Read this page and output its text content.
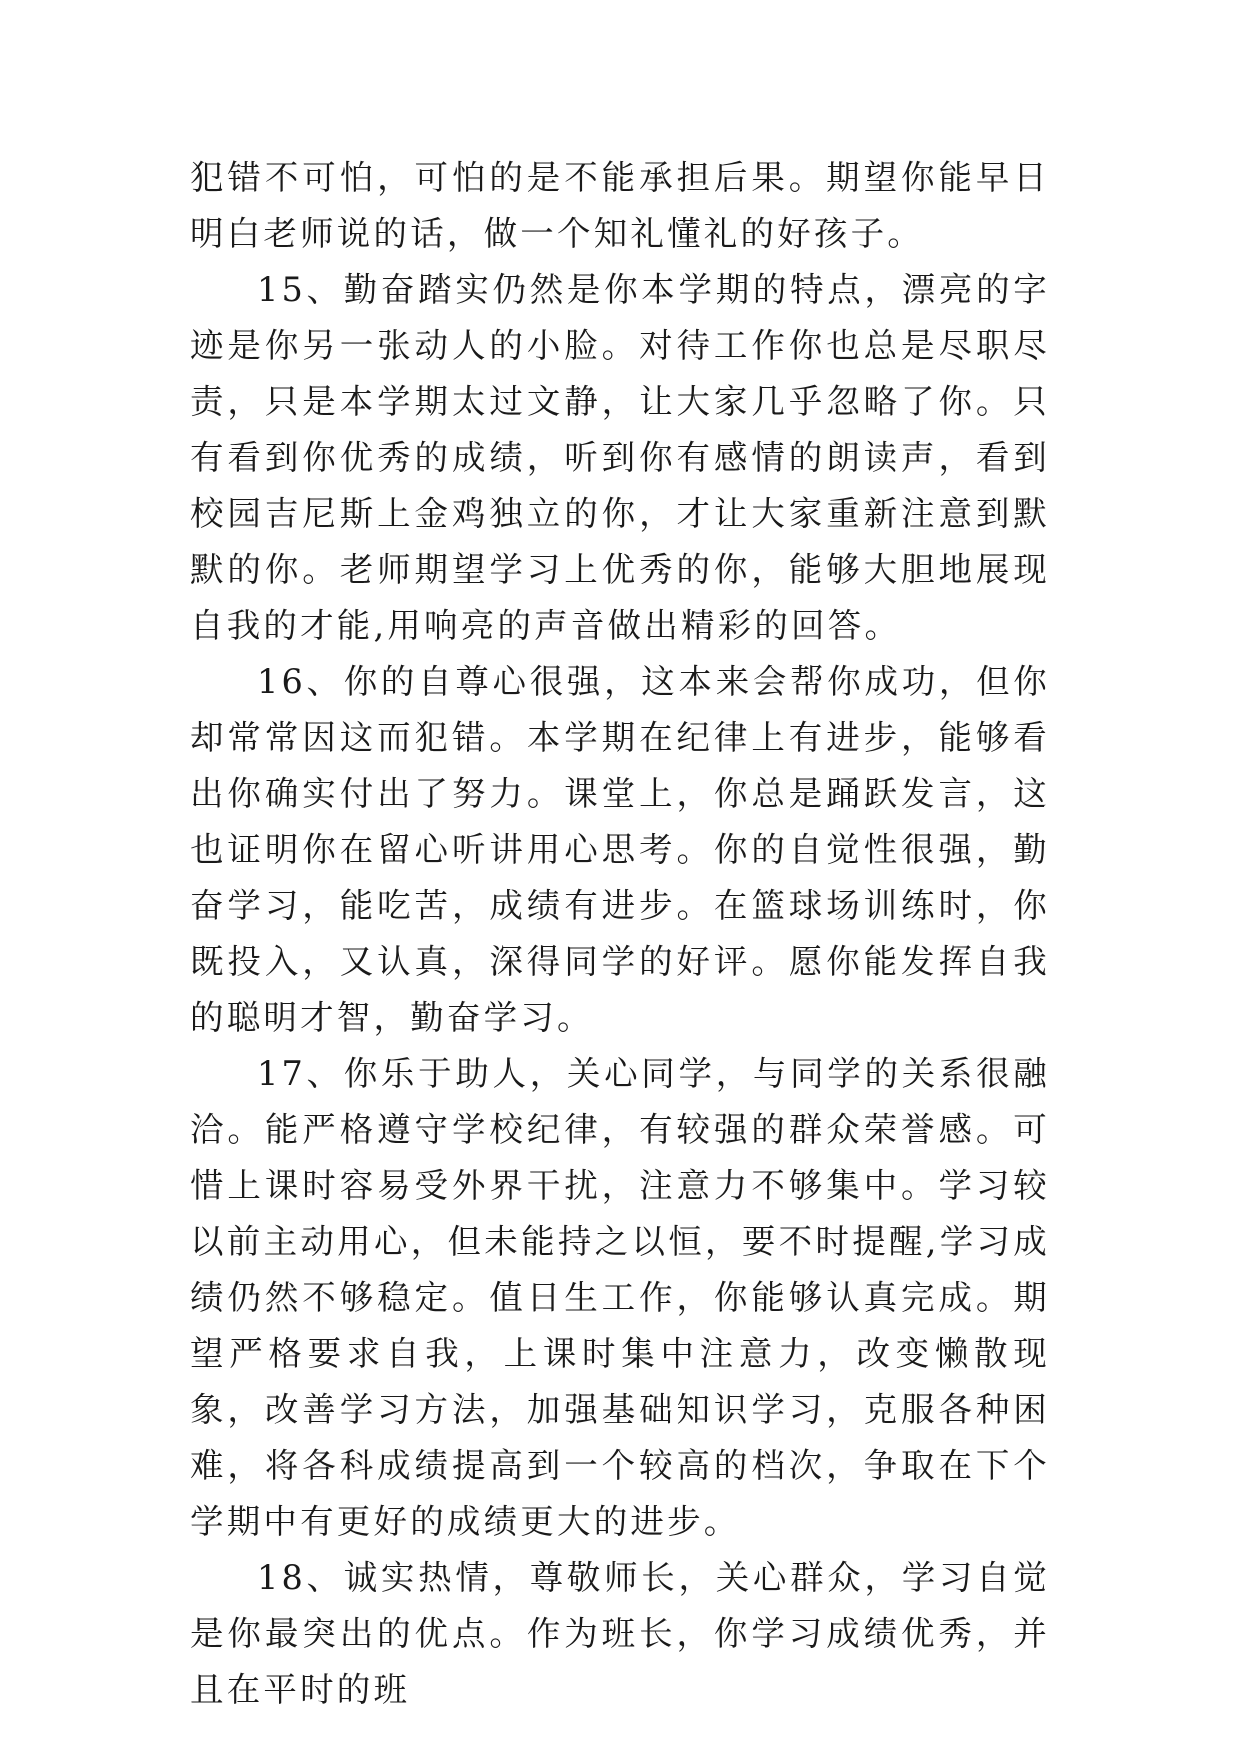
犯错不可怕，可怕的是不能承担后果。期望你能早日明白老师说的话，做一个知礼懂礼的好孩子。

15、勤奋踏实仍然是你本学期的特点，漂亮的字迹是你另一张动人的小脸。对待工作你也总是尽职尽责，只是本学期太过文静，让大家几乎忽略了你。只有看到你优秀的成绩，听到你有感情的朗读声，看到校园吉尼斯上金鸡独立的你，才让大家重新注意到默默的你。老师期望学习上优秀的你，能够大胆地展现自我的才能,用响亮的声音做出精彩的回答。

16、你的自尊心很强，这本来会帮你成功，但你却常常因这而犯错。本学期在纪律上有进步，能够看出你确实付出了努力。课堂上，你总是踊跃发言，这也证明你在留心听讲用心思考。你的自觉性很强，勤奋学习，能吃苦，成绩有进步。在篮球场训练时，你既投入，又认真，深得同学的好评。愿你能发挥自我的聪明才智，勤奋学习。

17、你乐于助人，关心同学，与同学的关系很融洽。能严格遵守学校纪律，有较强的群众荣誉感。可惜上课时容易受外界干扰，注意力不够集中。学习较以前主动用心，但未能持之以恒，要不时提醒,学习成绩仍然不够稳定。值日生工作，你能够认真完成。期望严格要求自我，上课时集中注意力，改变懒散现象，改善学习方法，加强基础知识学习，克服各种困难，将各科成绩提高到一个较高的档次，争取在下个学期中有更好的成绩更大的进步。

18、诚实热情，尊敬师长，关心群众，学习自觉是你最突出的优点。作为班长，你学习成绩优秀，并且在平时的班
